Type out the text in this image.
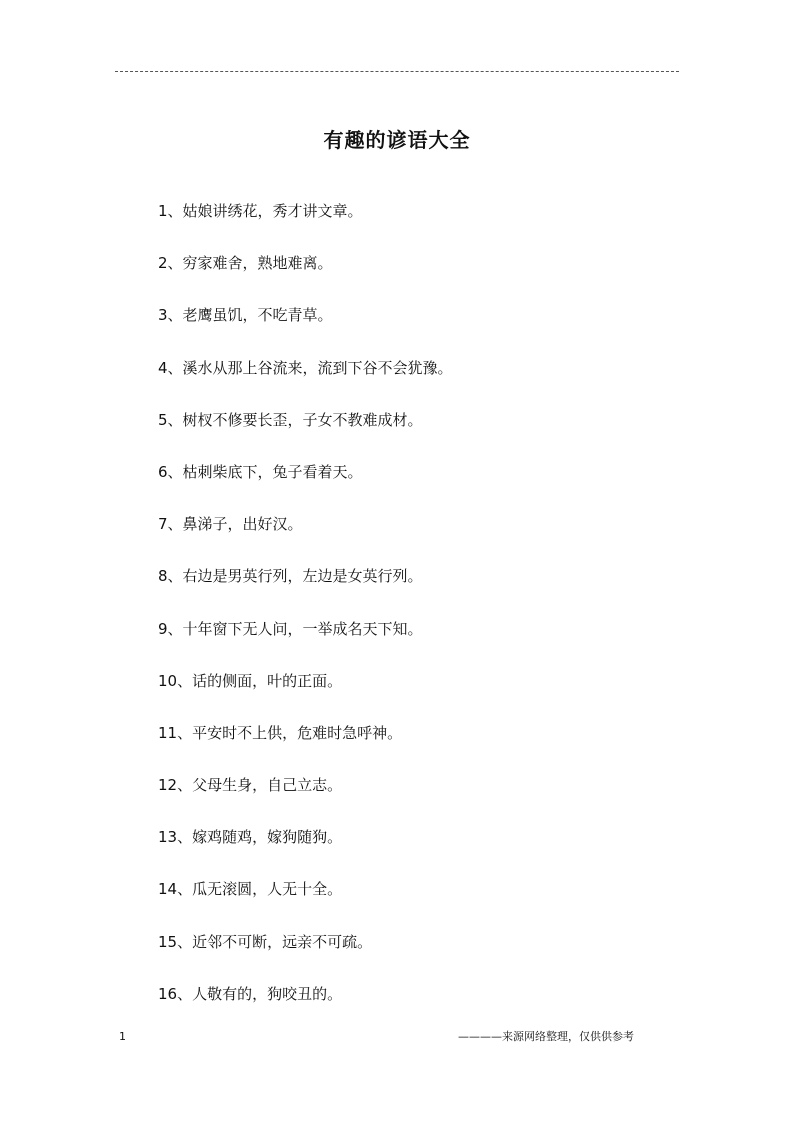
有趣的谚语大全
1、姑娘讲绣花，秀才讲文章。
2、穷家难舍，熟地难离。
3、老鹰虽饥，不吃青草。
4、溪水从那上谷流来，流到下谷不会犹豫。
5、树杈不修要长歪，子女不教难成材。
6、枯刺柴底下，兔子看着天。
7、鼻涕子，出好汉。
8、右边是男英行列，左边是女英行列。
9、十年窗下无人问，一举成名天下知。
10、话的侧面，叶的正面。
11、平安时不上供，危难时急呼神。
12、父母生身，自己立志。
13、嫁鸡随鸡，嫁狗随狗。
14、瓜无滚圆，人无十全。
15、近邻不可断，远亲不可疏。
16、人敬有的，狗咬丑的。
1	————来源网络整理，仅供供参考
